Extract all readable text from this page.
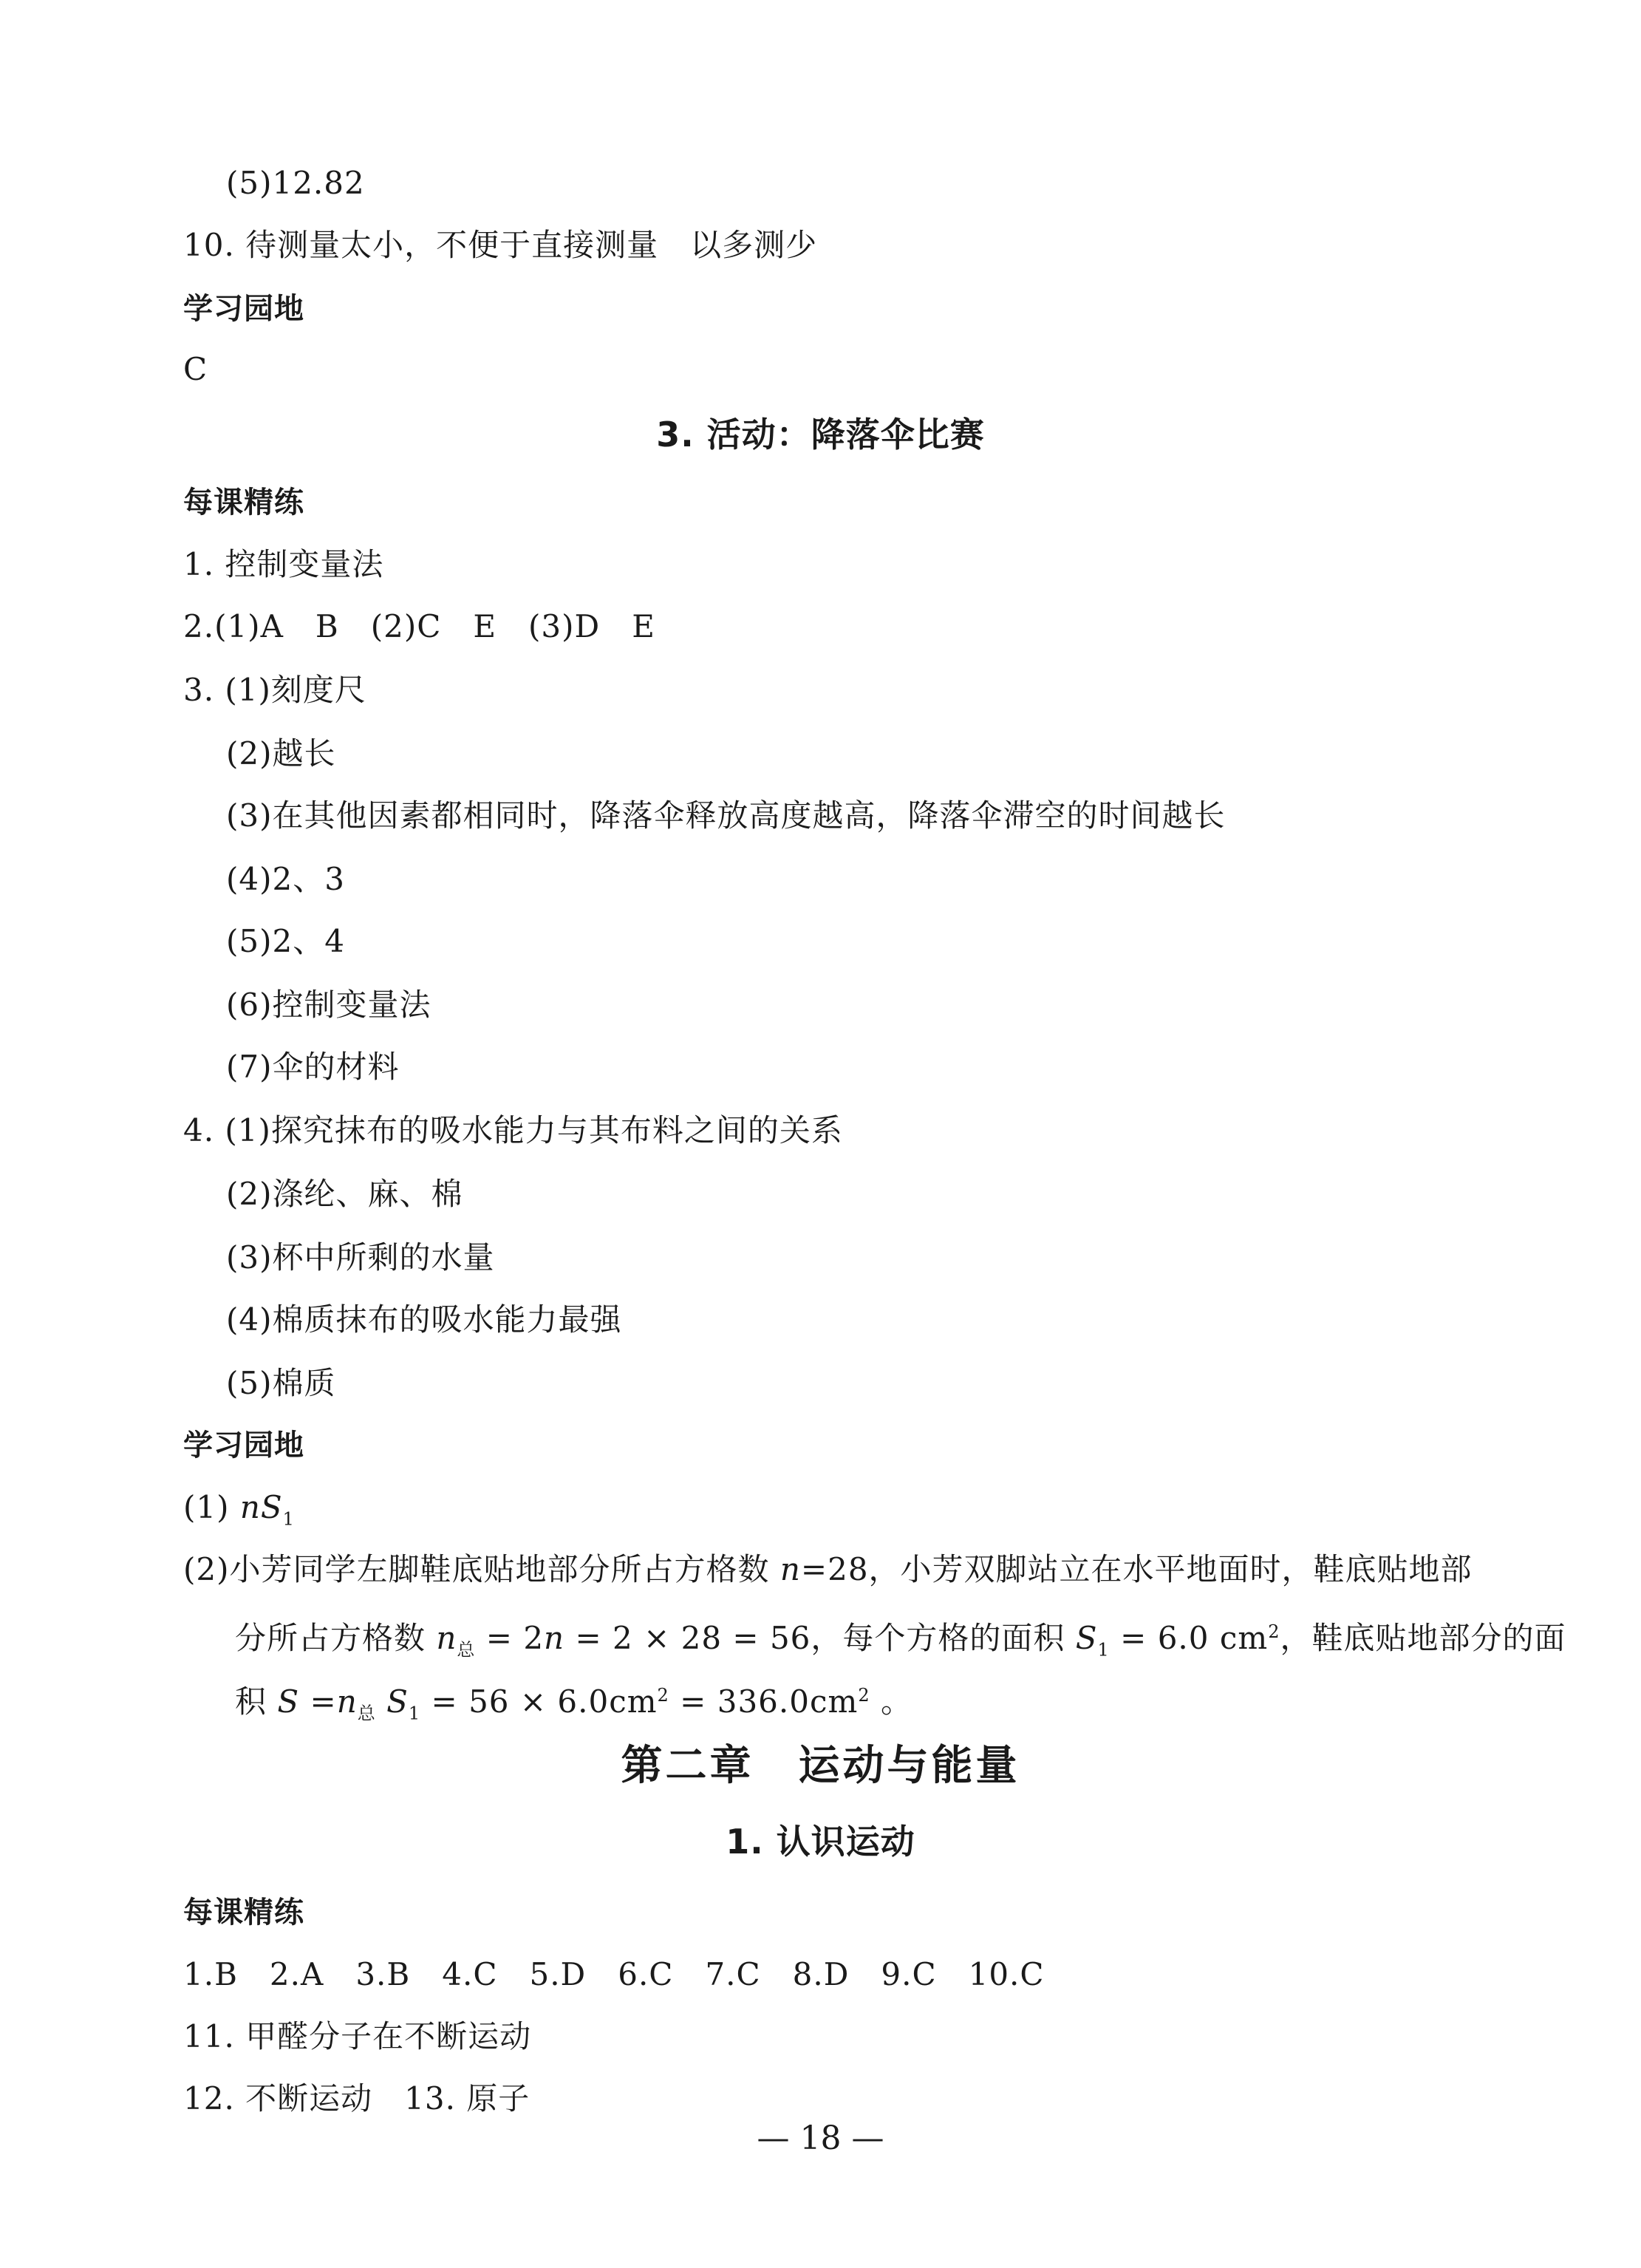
(5)12.82
10. 待测量太小，不便于直接测量　以多测少
学习园地
C
3. 活动：降落伞比赛
每课精练
1. 控制变量法
2.(1)A　B　(2)C　E　(3)D　E
3. (1)刻度尺
(2)越长
(3)在其他因素都相同时，降落伞释放高度越高，降落伞滞空的时间越长
(4)2、3
(5)2、4
(6)控制变量法
(7)伞的材料
4. (1)探究抹布的吸水能力与其布料之间的关系
(2)涤纶、麻、棉
(3)杯中所剩的水量
(4)棉质抹布的吸水能力最强
(5)棉质
学习园地
(1) $nS_1$
(2)小芳同学左脚鞋底贴地部分所占方格数 n=28，小芳双脚站立在水平地面时，鞋底贴地部
分所占方格数 $n_总 = 2n = 2 \times 28 = 56$，每个方格的面积 $S_1 = 6.0$ $cm^2$，鞋底贴地部分的面
积 $S =n_总$ $S_1 = 56 \times 6.0cm^2 = 336.0cm^2$ 。
第二章　运动与能量
1. 认识运动
每课精练
1.B　2.A　3.B　4.C　5.D　6.C　7.C　8.D　9.C　10.C
11. 甲醛分子在不断运动
12. 不断运动　13. 原子
— 18 —
